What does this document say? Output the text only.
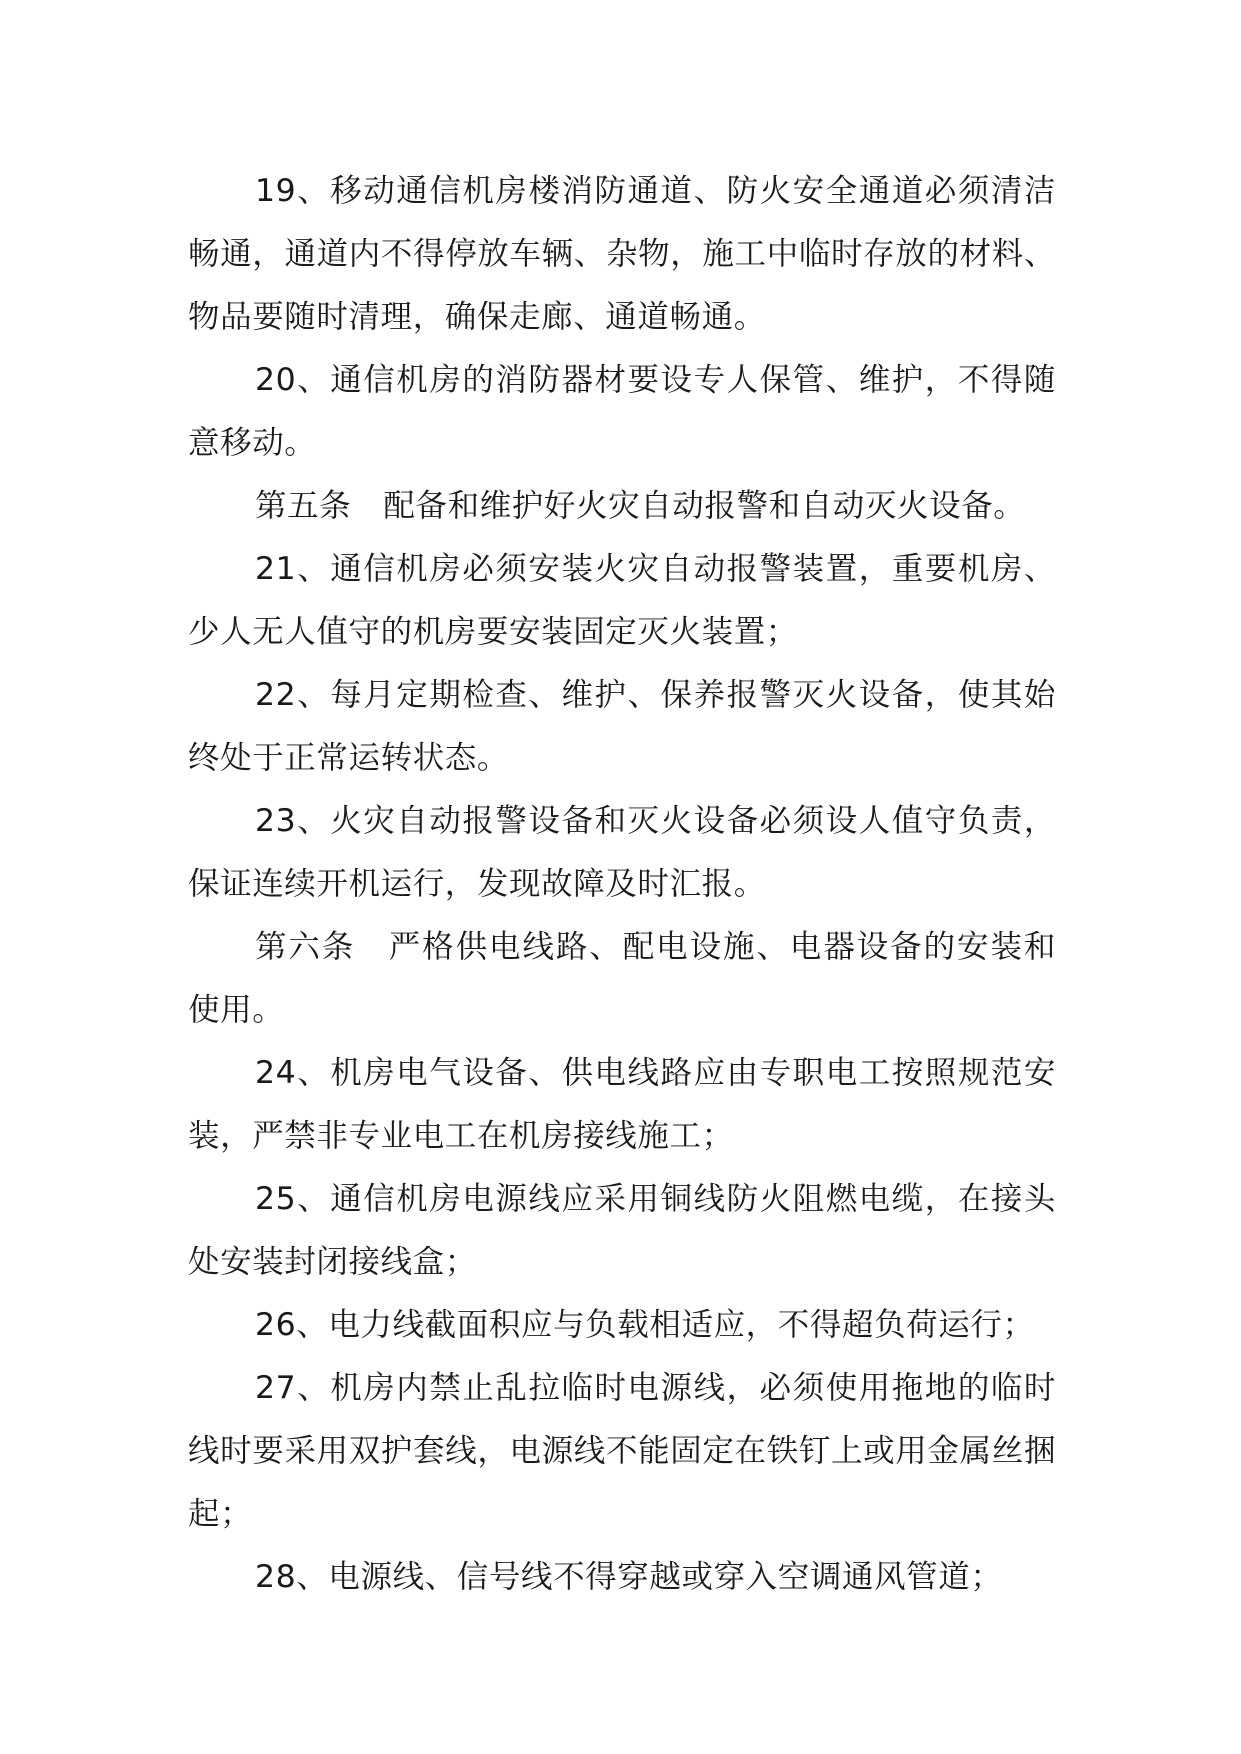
19、移动通信机房楼消防通道、防火安全通道必须清洁畅通，通道内不得停放车辆、杂物，施工中临时存放的材料、物品要随时清理，确保走廊、通道畅通。

20、通信机房的消防器材要设专人保管、维护，不得随意移动。

第五条　配备和维护好火灾自动报警和自动灭火设备。

21、通信机房必须安装火灾自动报警装置，重要机房、少人无人值守的机房要安装固定灭火装置；

22、每月定期检查、维护、保养报警灭火设备，使其始终处于正常运转状态。

23、火灾自动报警设备和灭火设备必须设人值守负责，保证连续开机运行，发现故障及时汇报。

第六条　严格供电线路、配电设施、电器设备的安装和使用。

24、机房电气设备、供电线路应由专职电工按照规范安装，严禁非专业电工在机房接线施工；

25、通信机房电源线应采用铜线防火阻燃电缆，在接头处安装封闭接线盒；

26、电力线截面积应与负载相适应，不得超负荷运行；

27、机房内禁止乱拉临时电源线，必须使用拖地的临时线时要采用双护套线，电源线不能固定在铁钉上或用金属丝捆起；

28、电源线、信号线不得穿越或穿入空调通风管道；
